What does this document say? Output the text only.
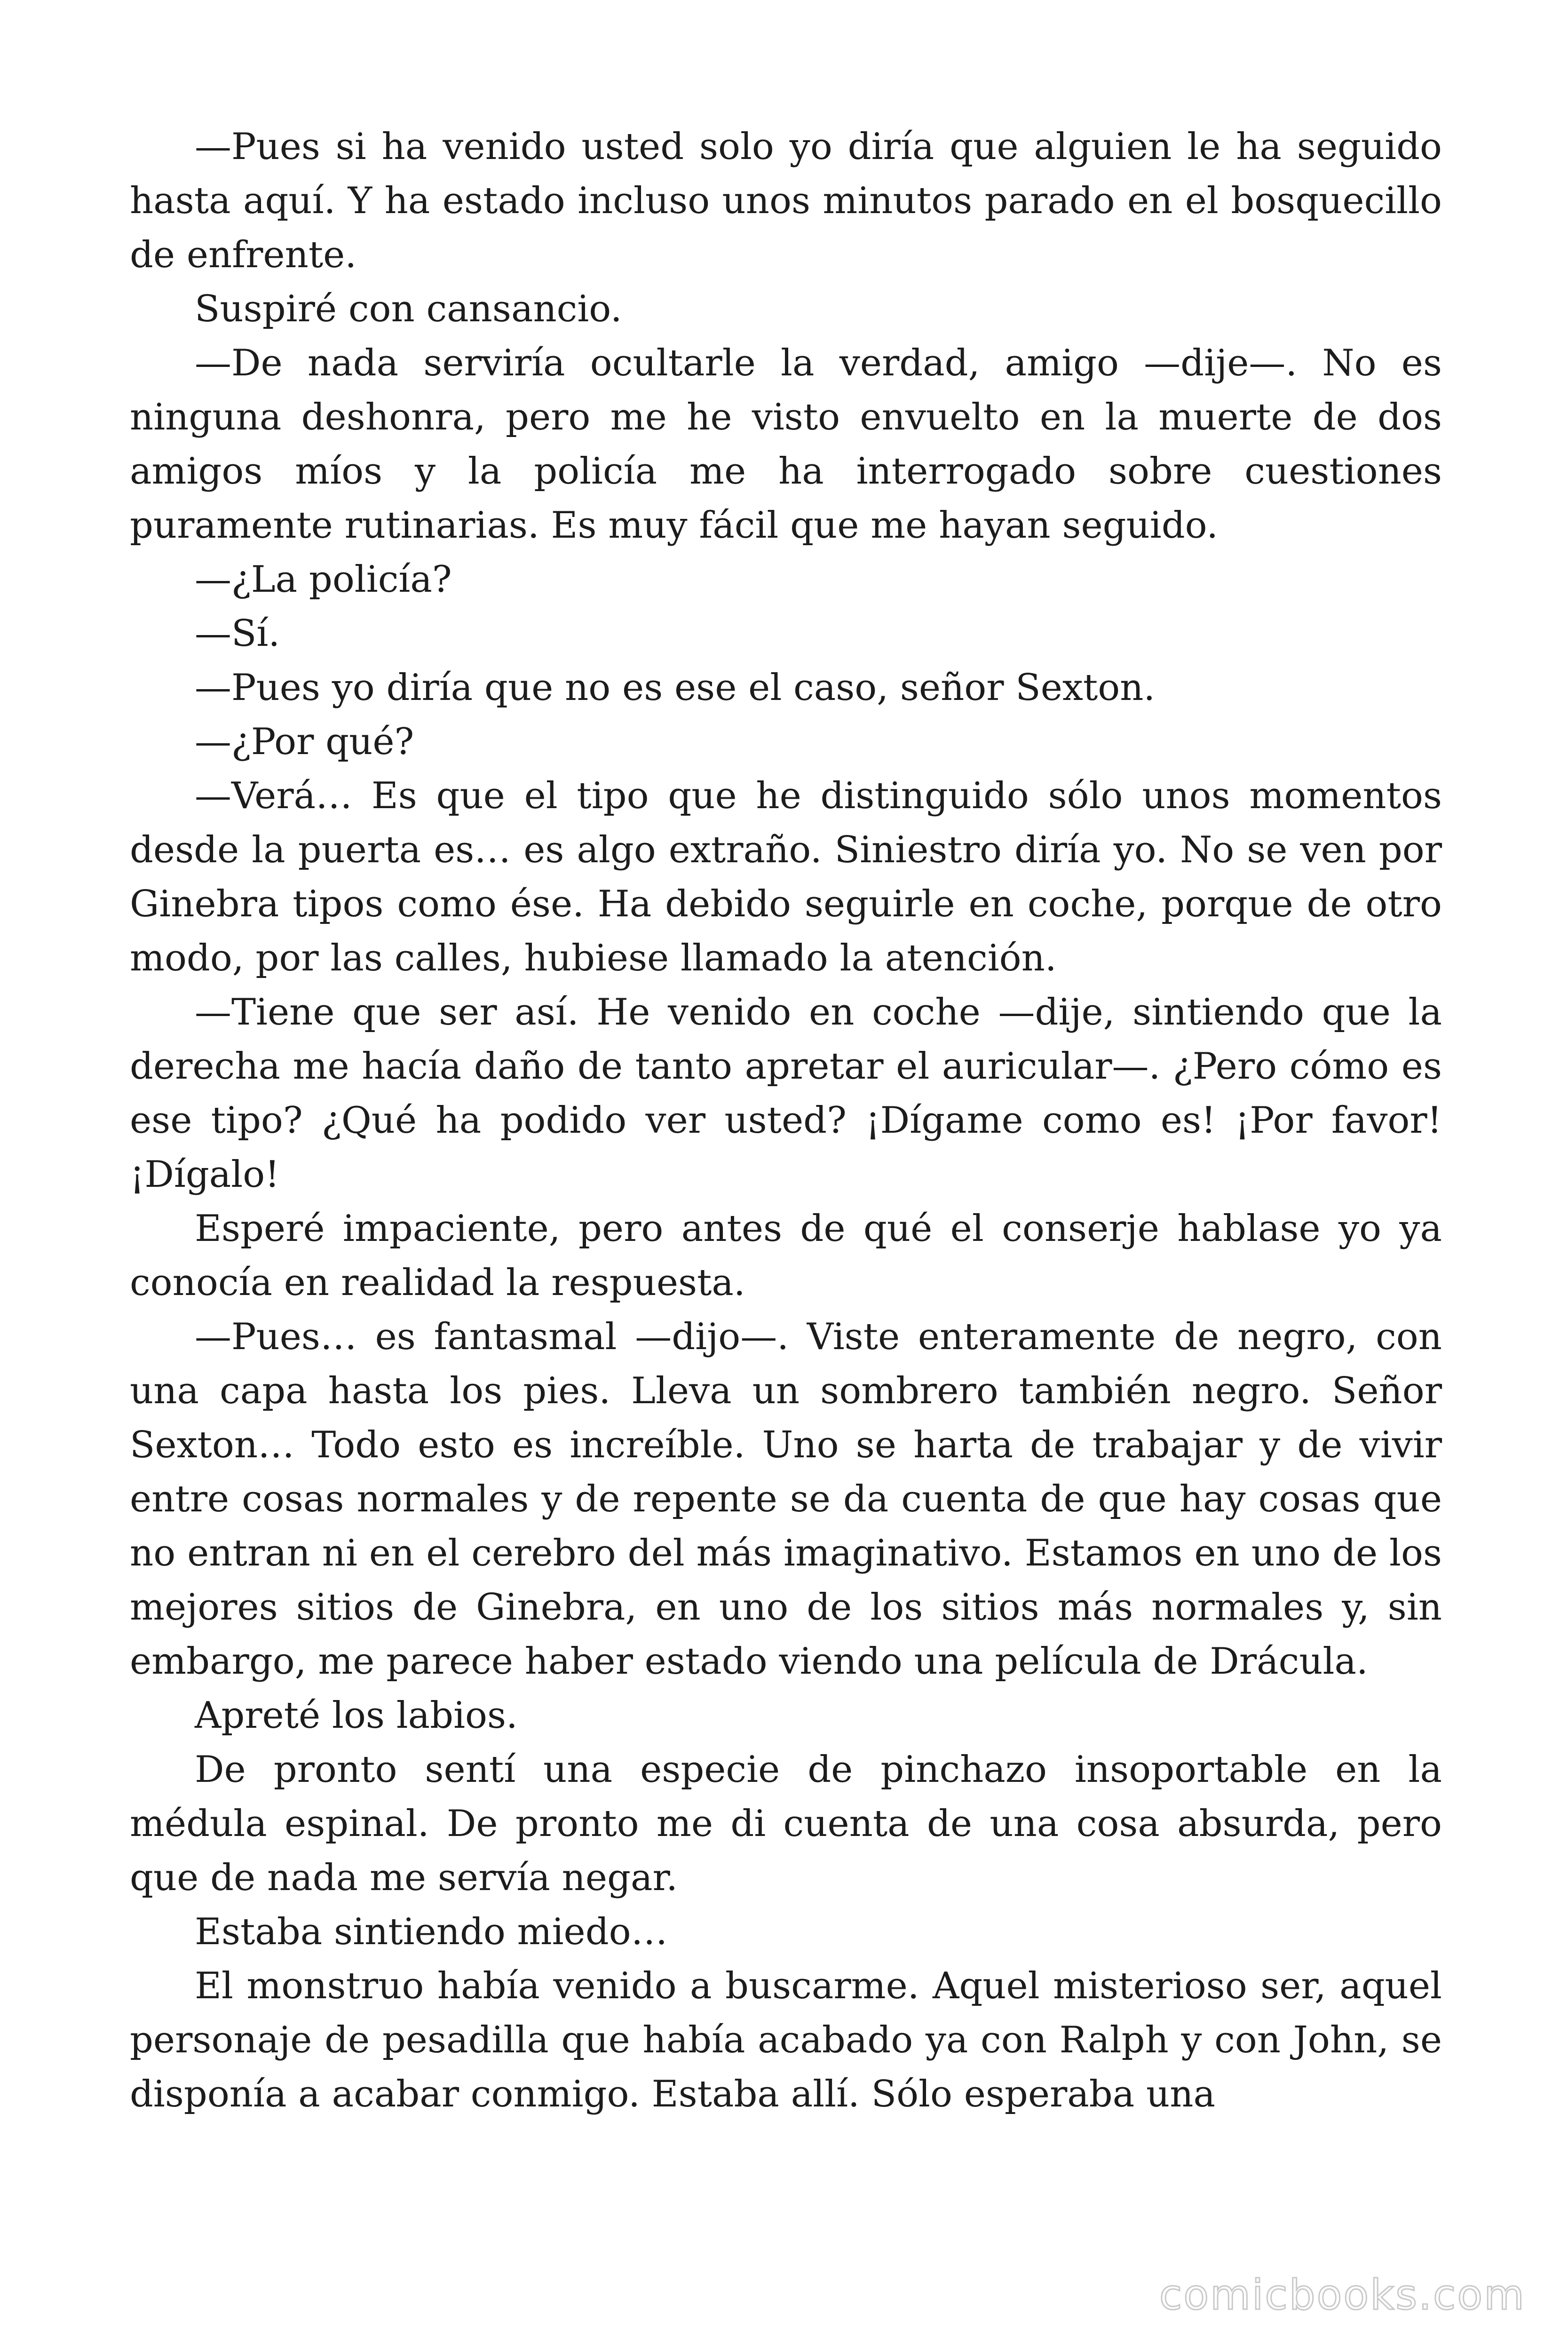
—Pues si ha venido usted solo yo diría que alguien le ha seguido hasta aquí. Y ha estado incluso unos minutos parado en el bosquecillo de enfrente.

Suspiré con cansancio.

—De nada serviría ocultarle la verdad, amigo —dije—. No es ninguna deshonra, pero me he visto envuelto en la muerte de dos amigos míos y la policía me ha interrogado sobre cuestiones puramente rutinarias. Es muy fácil que me hayan seguido.

—¿La policía?

—Sí.

—Pues yo diría que no es ese el caso, señor Sexton.

—¿Por qué?

—Verá… Es que el tipo que he distinguido sólo unos momentos desde la puerta es… es algo extraño. Siniestro diría yo. No se ven por Ginebra tipos como ése. Ha debido seguirle en coche, porque de otro modo, por las calles, hubiese llamado la atención.

—Tiene que ser así. He venido en coche —dije, sintiendo que la derecha me hacía daño de tanto apretar el auricular—. ¿Pero cómo es ese tipo? ¿Qué ha podido ver usted? ¡Dígame como es! ¡Por favor! ¡Dígalo!

Esperé impaciente, pero antes de qué el conserje hablase yo ya conocía en realidad la respuesta.

—Pues… es fantasmal —dijo—. Viste enteramente de negro, con una capa hasta los pies. Lleva un sombrero también negro. Señor Sexton… Todo esto es increíble. Uno se harta de trabajar y de vivir entre cosas normales y de repente se da cuenta de que hay cosas que no entran ni en el cerebro del más imaginativo. Estamos en uno de los mejores sitios de Ginebra, en uno de los sitios más normales y, sin embargo, me parece haber estado viendo una película de Drácula.

Apreté los labios.

De pronto sentí una especie de pinchazo insoportable en la médula espinal. De pronto me di cuenta de una cosa absurda, pero que de nada me servía negar.

Estaba sintiendo miedo…

El monstruo había venido a buscarme. Aquel misterioso ser, aquel personaje de pesadilla que había acabado ya con Ralph y con John, se disponía a acabar conmigo. Estaba allí. Sólo esperaba una

comicbooks.com
